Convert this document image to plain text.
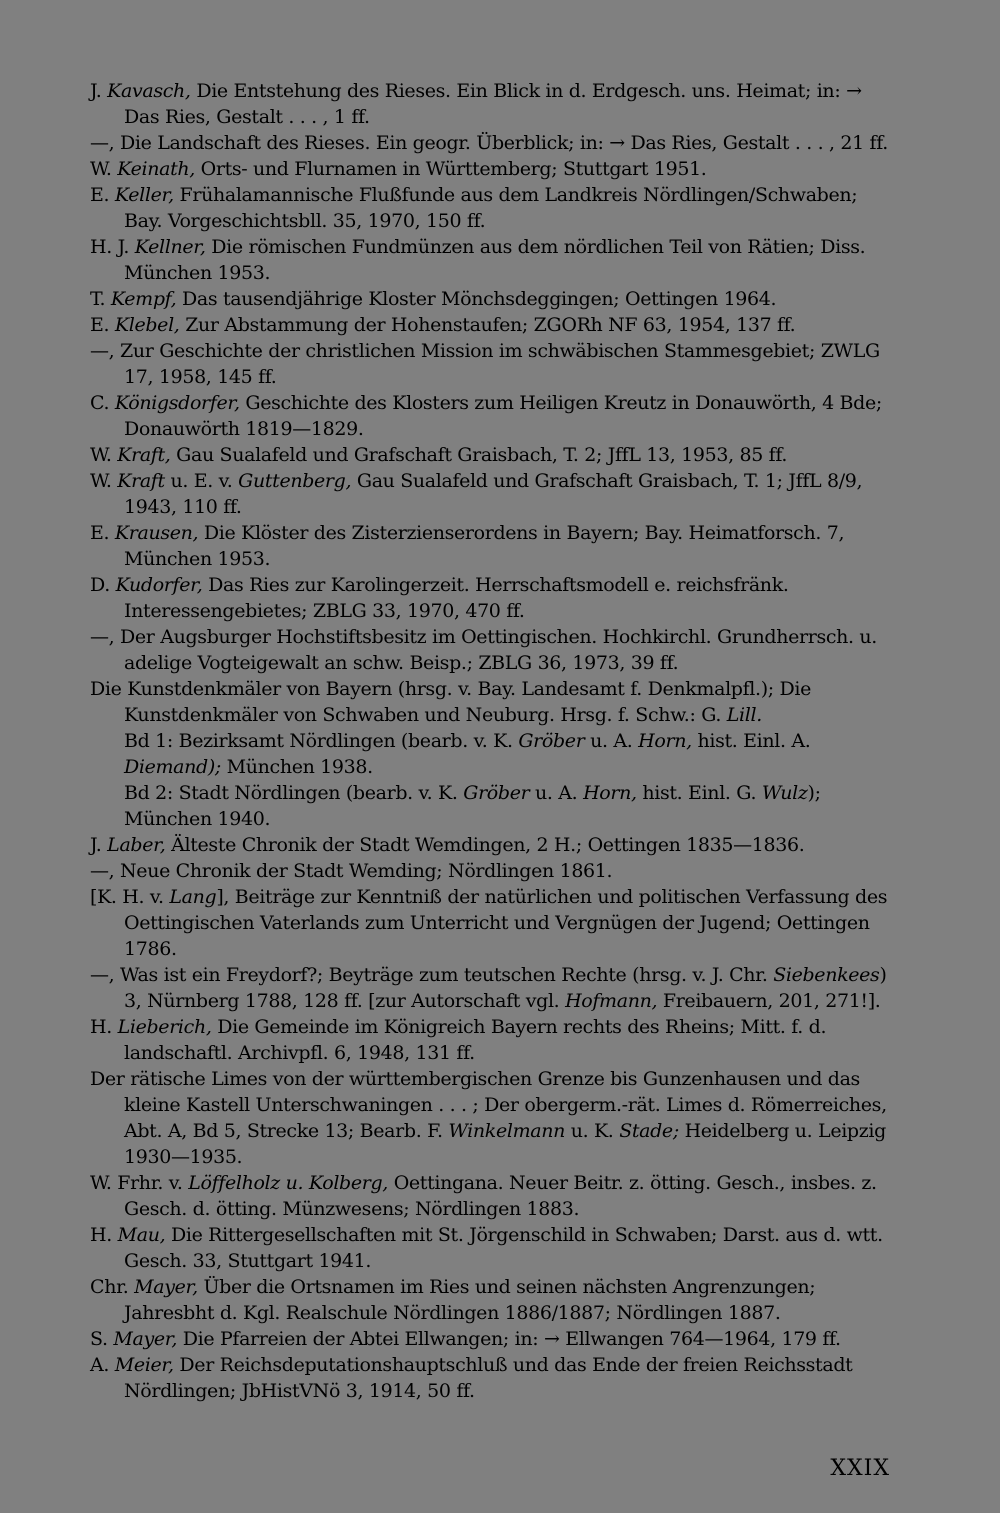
J. Kavasch, Die Entstehung des Rieses. Ein Blick in d. Erdgesch. uns. Heimat; in: → Das Ries, Gestalt . . . , 1 ff.
—, Die Landschaft des Rieses. Ein geogr. Überblick; in: → Das Ries, Gestalt . . . , 21 ff.
W. Keinath, Orts- und Flurnamen in Württemberg; Stuttgart 1951.
E. Keller, Frühalamannische Flußfunde aus dem Landkreis Nördlingen/Schwaben; Bay. Vorgeschichtsbll. 35, 1970, 150 ff.
H. J. Kellner, Die römischen Fundmünzen aus dem nördlichen Teil von Rätien; Diss. München 1953.
T. Kempf, Das tausendjährige Kloster Mönchsdeggingen; Oettingen 1964.
E. Klebel, Zur Abstammung der Hohenstaufen; ZGORh NF 63, 1954, 137 ff.
—, Zur Geschichte der christlichen Mission im schwäbischen Stammesgebiet; ZWLG 17, 1958, 145 ff.
C. Königsdorfer, Geschichte des Klosters zum Heiligen Kreutz in Donauwörth, 4 Bde; Donauwörth 1819—1829.
W. Kraft, Gau Sualafeld und Grafschaft Graisbach, T. 2; JffL 13, 1953, 85 ff.
W. Kraft u. E. v. Guttenberg, Gau Sualafeld und Grafschaft Graisbach, T. 1; JffL 8/9, 1943, 110 ff.
E. Krausen, Die Klöster des Zisterzienserordens in Bayern; Bay. Heimatforsch. 7, München 1953.
D. Kudorfer, Das Ries zur Karolingerzeit. Herrschaftsmodell e. reichsfränk. Interessengebietes; ZBLG 33, 1970, 470 ff.
—, Der Augsburger Hochstiftsbesitz im Oettingischen. Hochkirchl. Grundherrsch. u. adelige Vogteigewalt an schw. Beisp.; ZBLG 36, 1973, 39 ff.
Die Kunstdenkmäler von Bayern (hrsg. v. Bay. Landesamt f. Denkmalpfl.); Die Kunstdenkmäler von Schwaben und Neuburg. Hrsg. f. Schw.: G. Lill.
Bd 1: Bezirksamt Nördlingen (bearb. v. K. Gröber u. A. Horn, hist. Einl. A. Diemand); München 1938.
Bd 2: Stadt Nördlingen (bearb. v. K. Gröber u. A. Horn, hist. Einl. G. Wulz); München 1940.
J. Laber, Älteste Chronik der Stadt Wemdingen, 2 H.; Oettingen 1835—1836.
—, Neue Chronik der Stadt Wemding; Nördlingen 1861.
[K. H. v. Lang], Beiträge zur Kenntniß der natürlichen und politischen Verfassung des Oettingischen Vaterlands zum Unterricht und Vergnügen der Jugend; Oettingen 1786.
—, Was ist ein Freydorf?; Beyträge zum teutschen Rechte (hrsg. v. J. Chr. Siebenkees) 3, Nürnberg 1788, 128 ff. [zur Autorschaft vgl. Hofmann, Freibauern, 201, 271!].
H. Lieberich, Die Gemeinde im Königreich Bayern rechts des Rheins; Mitt. f. d. landschaftl. Archivpfl. 6, 1948, 131 ff.
Der rätische Limes von der württembergischen Grenze bis Gunzenhausen und das kleine Kastell Unterschwaningen . . . ; Der obergerm.-rät. Limes d. Römerreiches, Abt. A, Bd 5, Strecke 13; Bearb. F. Winkelmann u. K. Stade; Heidelberg u. Leipzig 1930—1935.
W. Frhr. v. Löffelholz u. Kolberg, Oettingana. Neuer Beitr. z. ötting. Gesch., insbes. z. Gesch. d. ötting. Münzwesens; Nördlingen 1883.
H. Mau, Die Rittergesellschaften mit St. Jörgenschild in Schwaben; Darst. aus d. wtt. Gesch. 33, Stuttgart 1941.
Chr. Mayer, Über die Ortsnamen im Ries und seinen nächsten Angrenzungen; Jahresbht d. Kgl. Realschule Nördlingen 1886/1887; Nördlingen 1887.
S. Mayer, Die Pfarreien der Abtei Ellwangen; in: → Ellwangen 764—1964, 179 ff.
A. Meier, Der Reichsdeputationshauptschluß und das Ende der freien Reichsstadt Nördlingen; JbHistVNö 3, 1914, 50 ff.
XXIX
